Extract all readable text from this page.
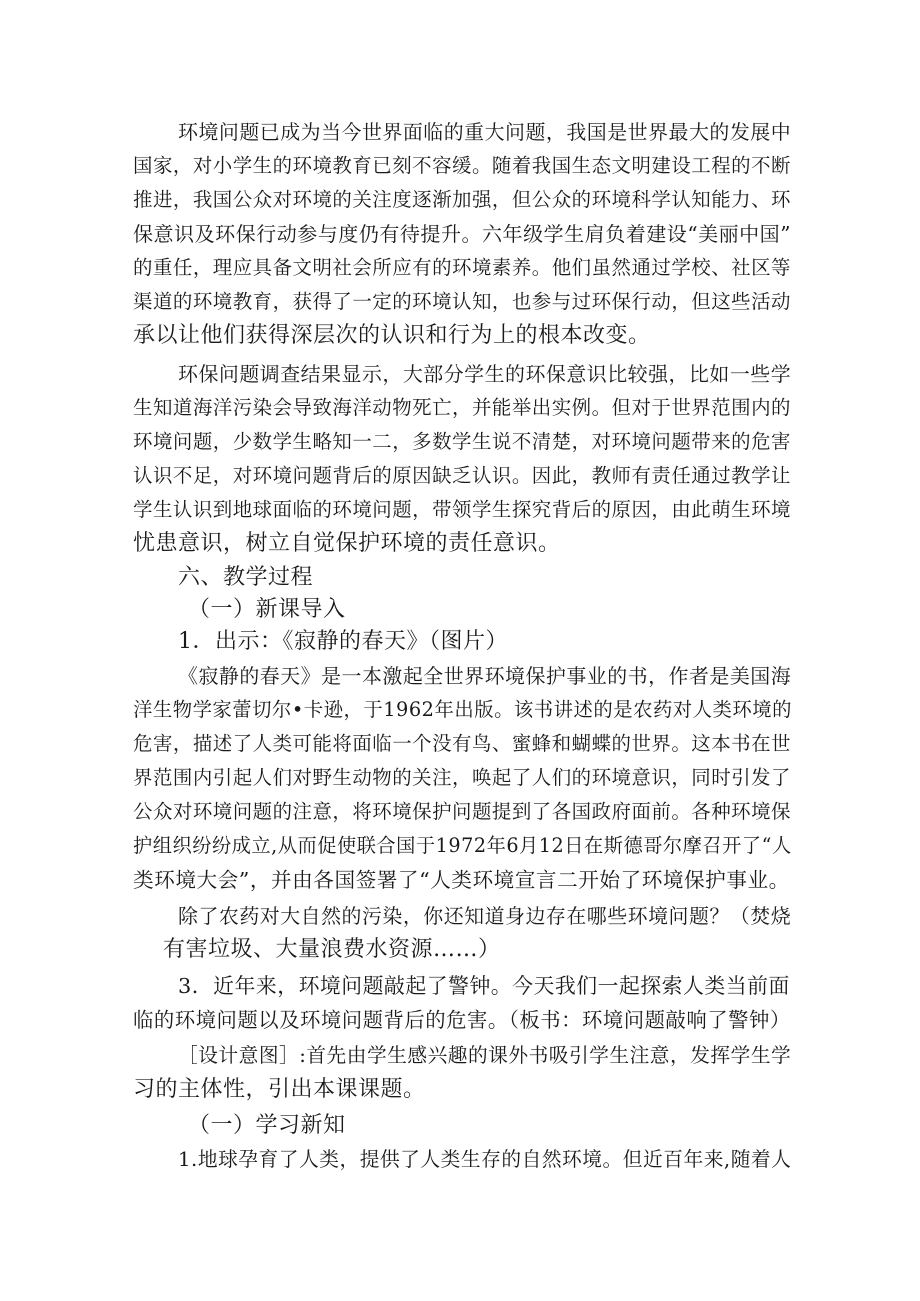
环境问题已成为当今世界面临的重大问题，我国是世界最大的发展中
国家，对小学生的环境教育已刻不容缓。随着我国生态文明建设工程的不断
推进，我国公众对环境的关注度逐渐加强，但公众的环境科学认知能力、环
保意识及环保行动参与度仍有待提升。六年级学生肩负着建设“美丽中国”
的重任，理应具备文明社会所应有的环境素养。他们虽然通过学校、社区等
渠道的环境教育，获得了一定的环境认知，也参与过环保行动，但这些活动
承以让他们获得深层次的认识和行为上的根本改变。
环保问题调查结果显示，大部分学生的环保意识比较强，比如一些学
生知道海洋污染会导致海洋动物死亡，并能举出实例。但对于世界范围内的
环境问题，少数学生略知一二，多数学生说不清楚，对环境问题带来的危害
认识不足，对环境问题背后的原因缺乏认识。因此，教师有责任通过教学让
学生认识到地球面临的环境问题，带领学生探究背后的原因，由此萌生环境
忧患意识，树立自觉保护环境的责任意识。
六、教学过程
（一）新课导入
1．出示：《寂静的春天》（图片）
《寂静的春天》是一本激起全世界环境保护事业的书，作者是美国海
洋生物学家蕾切尔•卡逊，于1962年出版。该书讲述的是农药对人类环境的
危害，描述了人类可能将面临一个没有鸟、蜜蜂和蝴蝶的世界。这本书在世
界范围内引起人们对野生动物的关注，唤起了人们的环境意识，同时引发了
公众对环境问题的注意，将环境保护问题提到了各国政府面前。各种环境保
护组织纷纷成立,从而促使联合国于1972年6月12日在斯德哥尔摩召开了“人
类环境大会”，并由各国签署了“人类环境宣言二开始了环境保护事业。
除了农药对大自然的污染，你还知道身边存在哪些环境问题？（焚烧
有害垃圾、大量浪费水资源……）
3．近年来，环境问题敲起了警钟。今天我们一起探索人类当前面
临的环境问题以及环境问题背后的危害。（板书：环境问题敲响了警钟）
［设计意图］:首先由学生感兴趣的课外书吸引学生注意，发挥学生学
习的主体性，引出本课课题。
（一）学习新知
1.地球孕育了人类，提供了人类生存的自然环境。但近百年来,随着人
